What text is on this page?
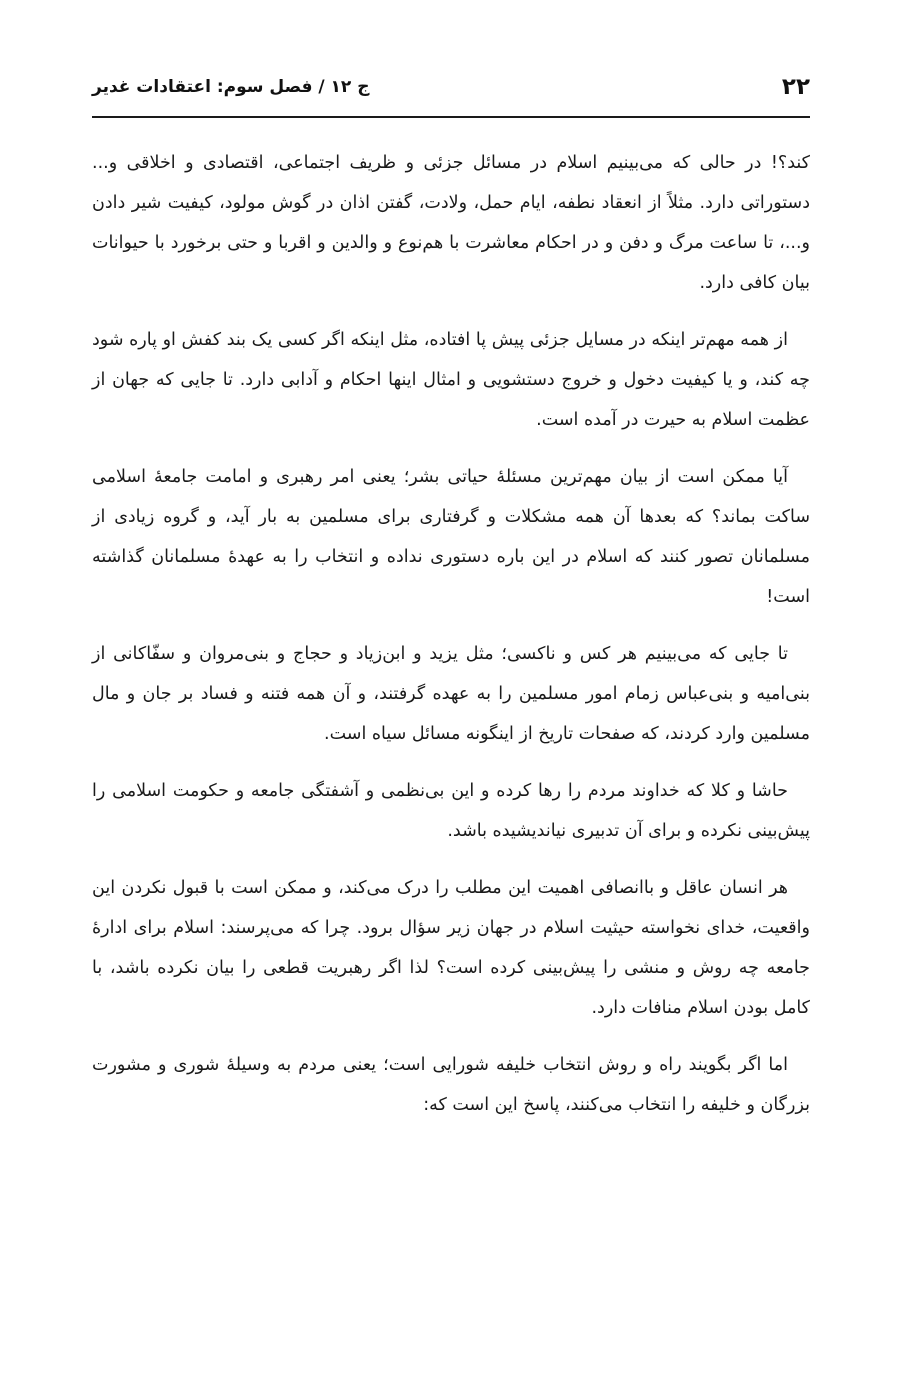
۲۲
ج ۱۲ / فصل سوم: اعتقادات غدیر

کند؟! در حالی که می‌بینیم اسلام در مسائل جزئی و ظریف اجتماعی، اقتصادی و اخلاقی و... دستوراتی دارد. مثلاً از انعقاد نطفه، ایام حمل، ولادت، گفتن اذان در گوش مولود، کیفیت شیر دادن و...، تا ساعت مرگ و دفن و در احکام معاشرت با هم‌نوع و والدین و اقربا و حتی برخورد با حیوانات بیان کافی دارد.

از همه مهم‌تر اینکه در مسایل جزئی پیش پا افتاده، مثل اینکه اگر کسی یک بند کفش او پاره شود چه کند، و یا کیفیت دخول و خروج دستشویی و امثال اینها احکام و آدابی دارد. تا جایی که جهان از عظمت اسلام به حیرت در آمده است.

آیا ممکن است از بیان مهم‌ترین مسئلهٔ حیاتی بشر؛ یعنی امر رهبری و امامت جامعهٔ اسلامی ساکت بماند؟ که بعدها آن همه مشکلات و گرفتاری برای مسلمین به بار آید، و گروه زیادی از مسلمانان تصور کنند که اسلام در این باره دستوری نداده و انتخاب را به عهدهٔ مسلمانان گذاشته است!

تا جایی که می‌بینیم هر کس و ناکسی؛ مثل یزید و ابن‌زیاد و حجاج و بنی‌مروان و سفّاکانی از بنی‌امیه و بنی‌عباس زمام امور مسلمین را به عهده گرفتند، و آن همه فتنه و فساد بر جان و مال مسلمین وارد کردند، که صفحات تاریخ از اینگونه مسائل سیاه است.

حاشا و کلا که خداوند مردم را رها کرده و این بی‌نظمی و آشفتگی جامعه و حکومت اسلامی را پیش‌بینی نکرده و برای آن تدبیری نیاندیشیده باشد.

هر انسان عاقل و باانصافی اهمیت این مطلب را درک می‌کند، و ممکن است با قبول نکردن این واقعیت، خدای نخواسته حیثیت اسلام در جهان زیر سؤال برود. چرا که می‌پرسند: اسلام برای ادارهٔ جامعه چه روش و منشی را پیش‌بینی کرده است؟ لذا اگر رهبریت قطعی را بیان نکرده باشد، با کامل بودن اسلام منافات دارد.

اما اگر بگویند راه و روش انتخاب خلیفه شورایی است؛ یعنی مردم به وسیلهٔ شوری و مشورت بزرگان و خلیفه را انتخاب می‌کنند، پاسخ این است که:
